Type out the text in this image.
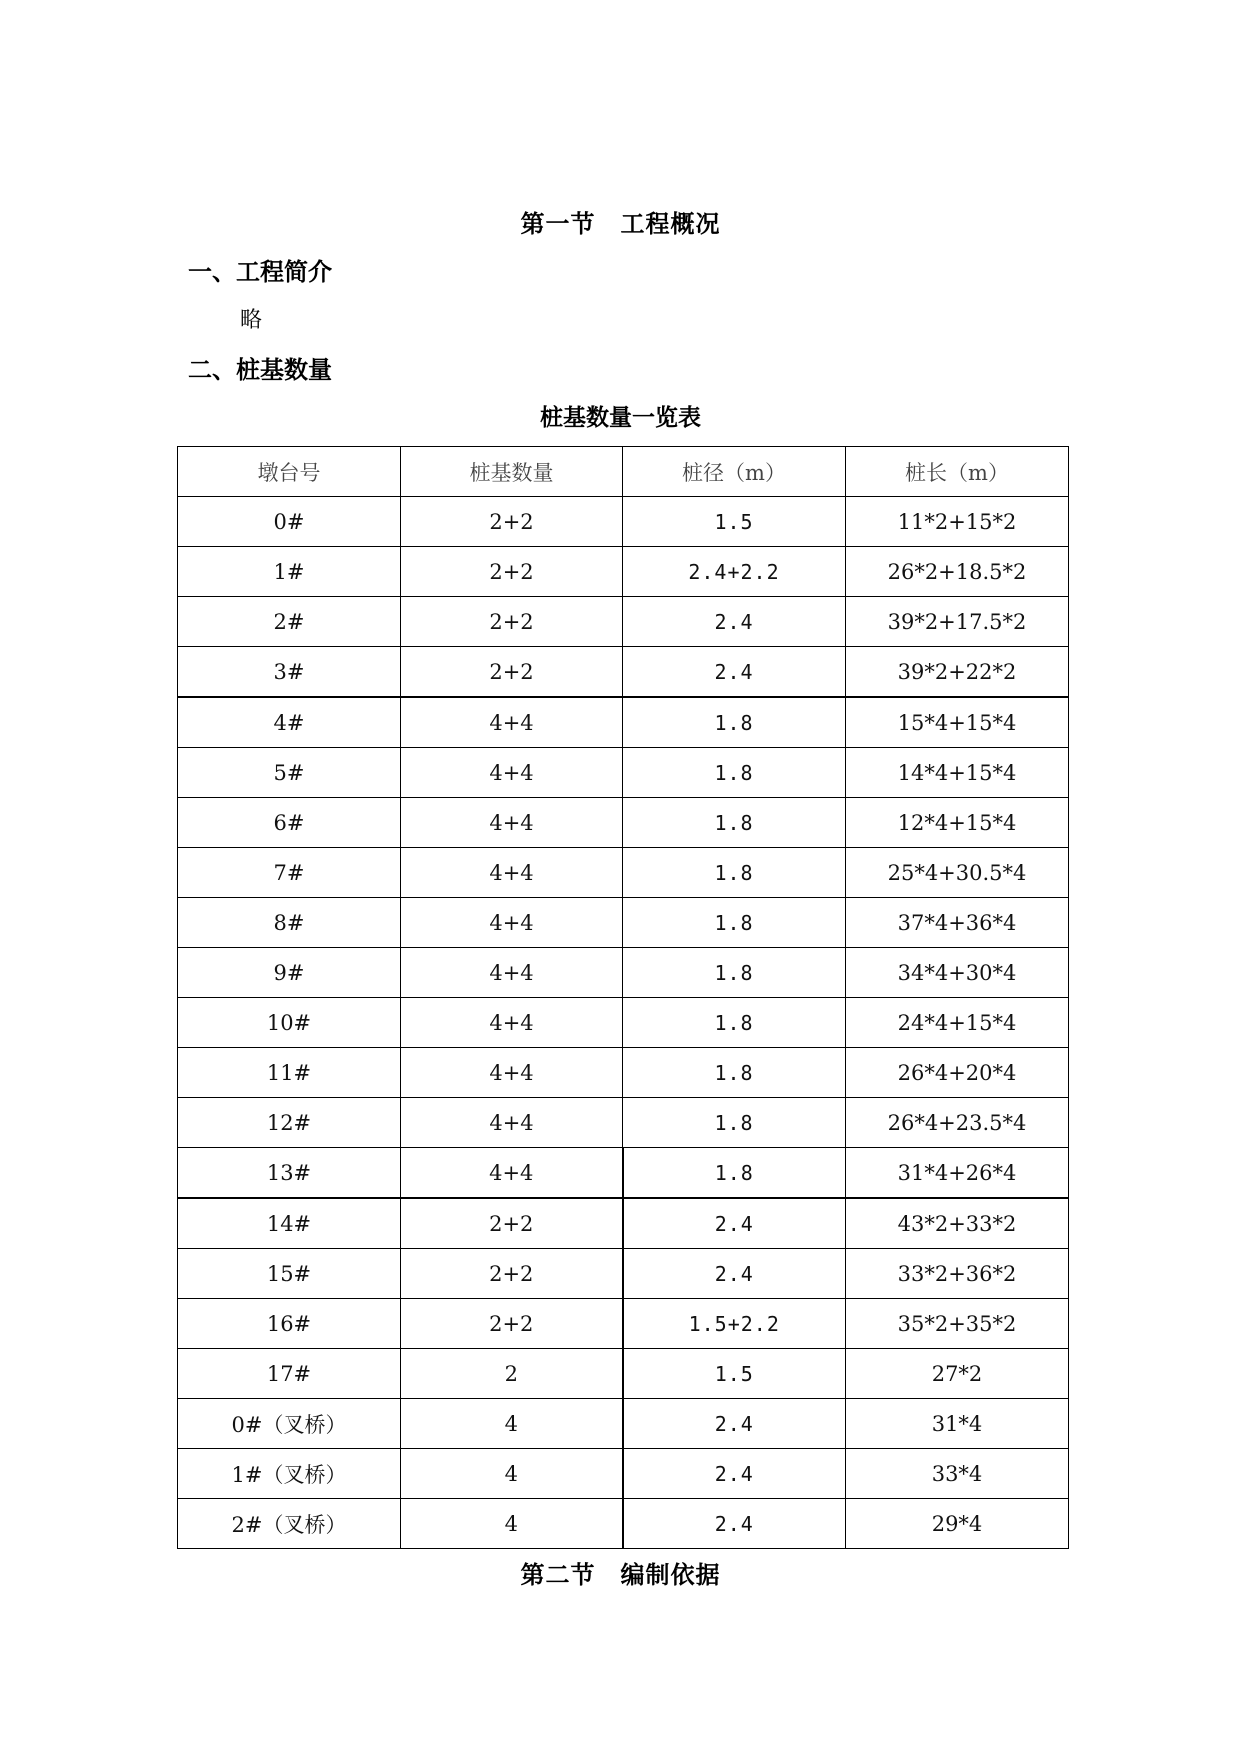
第一节　工程概况
一、工程简介
略
二、桩基数量
桩基数量一览表
墩台号	桩基数量	桩径（m）	桩长（m）
0#	2+2	1.5	11*2+15*2
1#	2+2	2.4+2.2	26*2+18.5*2
2#	2+2	2.4	39*2+17.5*2
3#	2+2	2.4	39*2+22*2
4#	4+4	1.8	15*4+15*4
5#	4+4	1.8	14*4+15*4
6#	4+4	1.8	12*4+15*4
7#	4+4	1.8	25*4+30.5*4
8#	4+4	1.8	37*4+36*4
9#	4+4	1.8	34*4+30*4
10#	4+4	1.8	24*4+15*4
11#	4+4	1.8	26*4+20*4
12#	4+4	1.8	26*4+23.5*4
13#	4+4	1.8	31*4+26*4
14#	2+2	2.4	43*2+33*2
15#	2+2	2.4	33*2+36*2
16#	2+2	1.5+2.2	35*2+35*2
17#	2	1.5	27*2
0#（叉桥）	4	2.4	31*4
1#（叉桥）	4	2.4	33*4
2#（叉桥）	4	2.4	29*4
第二节　编制依据
